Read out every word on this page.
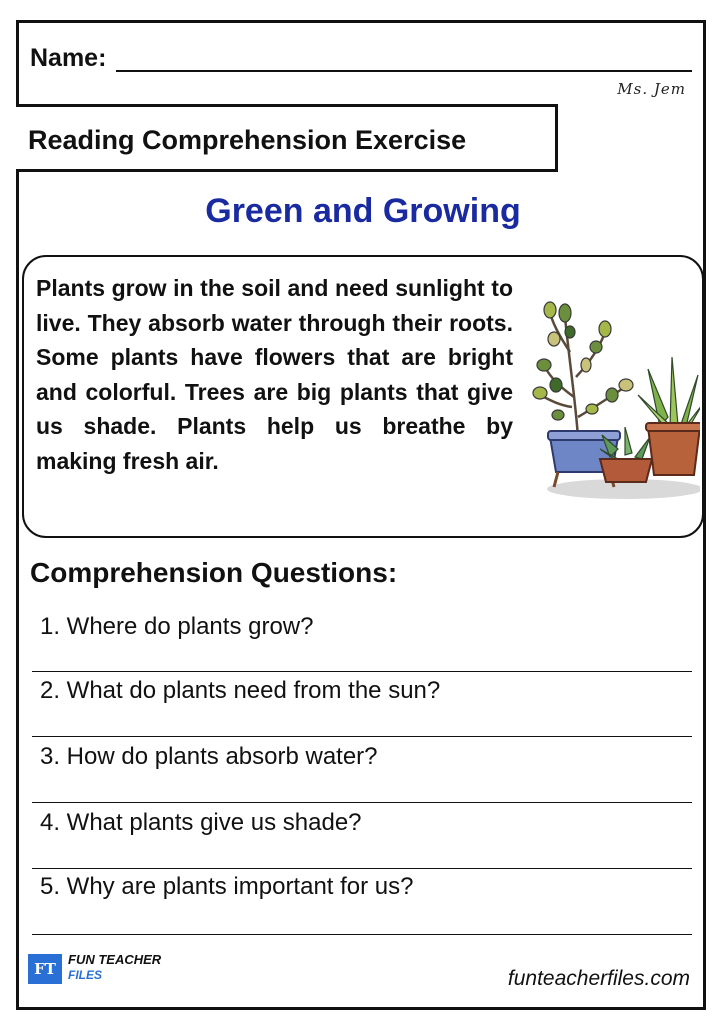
Name:
Ms. Jem
Reading Comprehension Exercise
Green and Growing
Plants grow in the soil and need sunlight to live. They absorb water through their roots. Some plants have flowers that are bright and colorful. Trees are big plants that give us shade. Plants help us breathe by making fresh air.
Comprehension Questions:
1. Where do plants grow?
2. What do plants need from the sun?
3. How do plants absorb water?
4. What plants give us shade?
5. Why are plants important for us?
FT
FUN TEACHER
FILES	funteacherfiles.com
